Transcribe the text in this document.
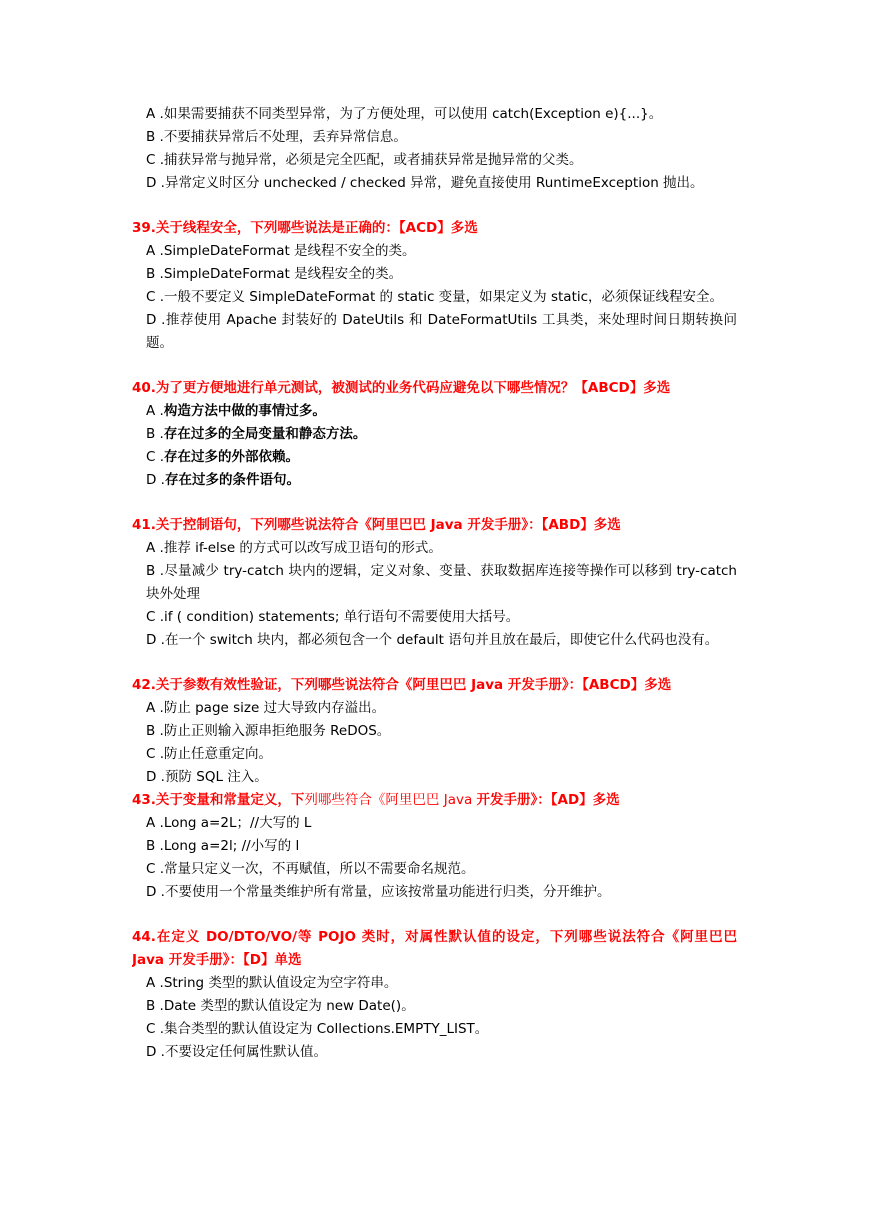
A .如果需要捕获不同类型异常，为了方便处理，可以使用 catch(Exception e){...}。
B .不要捕获异常后不处理，丢弃异常信息。
C .捕获异常与抛异常，必须是完全匹配，或者捕获异常是抛异常的父类。
D .异常定义时区分 unchecked / checked 异常，避免直接使用 RuntimeException 抛出。
39.关于线程安全，下列哪些说法是正确的：【ACD】多选
A .SimpleDateFormat 是线程不安全的类。
B .SimpleDateFormat 是线程安全的类。
C .一般不要定义 SimpleDateFormat 的 static 变量，如果定义为 static，必须保证线程安全。
D .推荐使用 Apache 封装好的 DateUtils 和 DateFormatUtils 工具类，来处理时间日期转换问题。
40.为了更方便地进行单元测试，被测试的业务代码应避免以下哪些情况？【ABCD】多选
A .构造方法中做的事情过多。
B .存在过多的全局变量和静态方法。
C .存在过多的外部依赖。
D .存在过多的条件语句。
41.关于控制语句，下列哪些说法符合《阿里巴巴 Java 开发手册》：【ABD】多选
A .推荐 if-else 的方式可以改写成卫语句的形式。
B .尽量减少 try-catch 块内的逻辑，定义对象、变量、获取数据库连接等操作可以移到 try-catch 块外处理
C .if ( condition) statements; 单行语句不需要使用大括号。
D .在一个 switch 块内，都必须包含一个 default 语句并且放在最后，即使它什么代码也没有。
42.关于参数有效性验证，下列哪些说法符合《阿里巴巴 Java 开发手册》：【ABCD】多选
A .防止 page size 过大导致内存溢出。
B .防止正则输入源串拒绝服务 ReDOS。
C .防止任意重定向。
D .预防 SQL 注入。
43.关于变量和常量定义，下列哪些符合《阿里巴巴 Java 开发手册》：【AD】多选
A .Long a=2L；//大写的 L
B .Long a=2l; //小写的 l
C .常量只定义一次，不再赋值，所以不需要命名规范。
D .不要使用一个常量类维护所有常量，应该按常量功能进行归类，分开维护。
44.在定义 DO/DTO/VO/等 POJO 类时，对属性默认值的设定，下列哪些说法符合《阿里巴巴 Java 开发手册》：【D】单选
A .String 类型的默认值设定为空字符串。
B .Date 类型的默认值设定为 new Date()。
C .集合类型的默认值设定为 Collections.EMPTY_LIST。
D .不要设定任何属性默认值。
